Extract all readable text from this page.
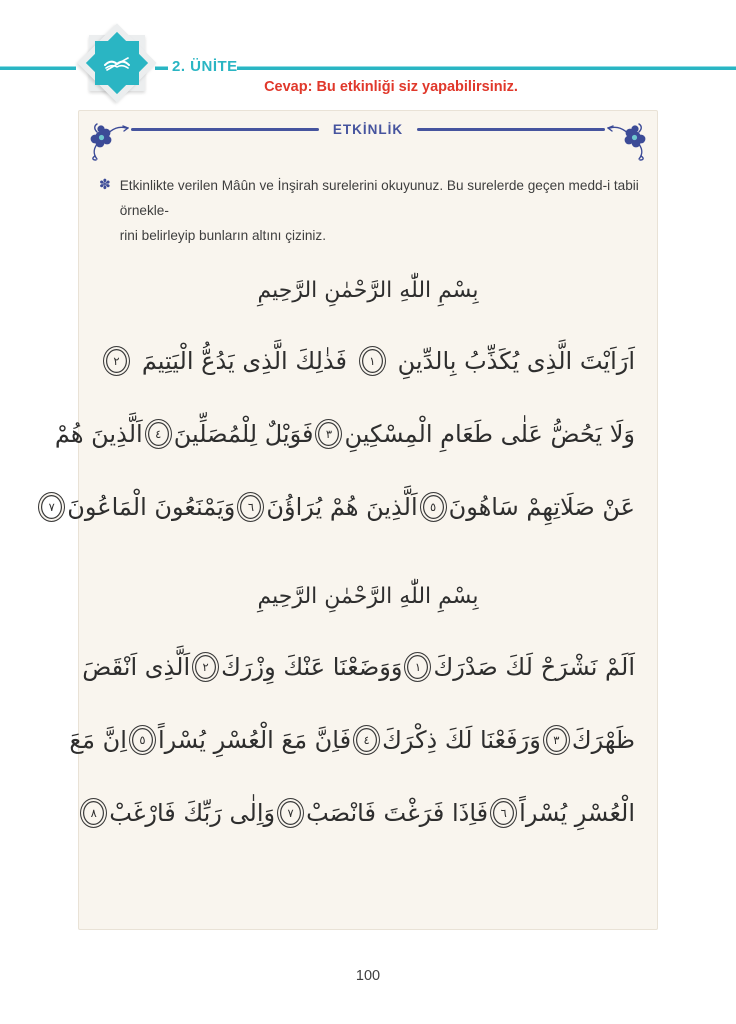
2. ÜNİTE
Cevap: Bu etkinliği siz yapabilirsiniz.
ETKİNLİK
✽ Etkinlikte verilen Mâûn ve İnşirah surelerini okuyunuz. Bu surelerde geçen medd-i tabii örnekle-
rini belirleyip bunların altını çiziniz.
بِسْمِ اللّٰهِ الرَّحْمٰنِ الرَّحِيمِ
اَرَاَيْتَ الَّذِى يُكَذِّبُ بِالدِّينِ
١
فَذٰلِكَ الَّذِى يَدُعُّ الْيَتِيمَ
٢
وَلَا يَحُضُّ عَلٰى طَعَامِ الْمِسْكِينِ
٣
فَوَيْلٌ لِلْمُصَلِّينَ
٤
اَلَّذِينَ هُمْ
عَنْ صَلَاتِهِمْ سَاهُونَ
٥
اَلَّذِينَ هُمْ يُرَاؤُنَ
٦
وَيَمْنَعُونَ الْمَاعُونَ
٧
بِسْمِ اللّٰهِ الرَّحْمٰنِ الرَّحِيمِ
اَلَمْ نَشْرَحْ لَكَ صَدْرَكَ
١
وَوَضَعْنَا عَنْكَ وِزْرَكَ
٢
اَلَّذِى اَنْقَضَ
ظَهْرَكَ
٣
وَرَفَعْنَا لَكَ ذِكْرَكَ
٤
فَاِنَّ مَعَ الْعُسْرِ يُسْراً
٥
اِنَّ مَعَ
الْعُسْرِ يُسْراً
٦
فَاِذَا فَرَغْتَ فَانْصَبْ
٧
وَاِلٰى رَبِّكَ فَارْغَبْ
٨
100
